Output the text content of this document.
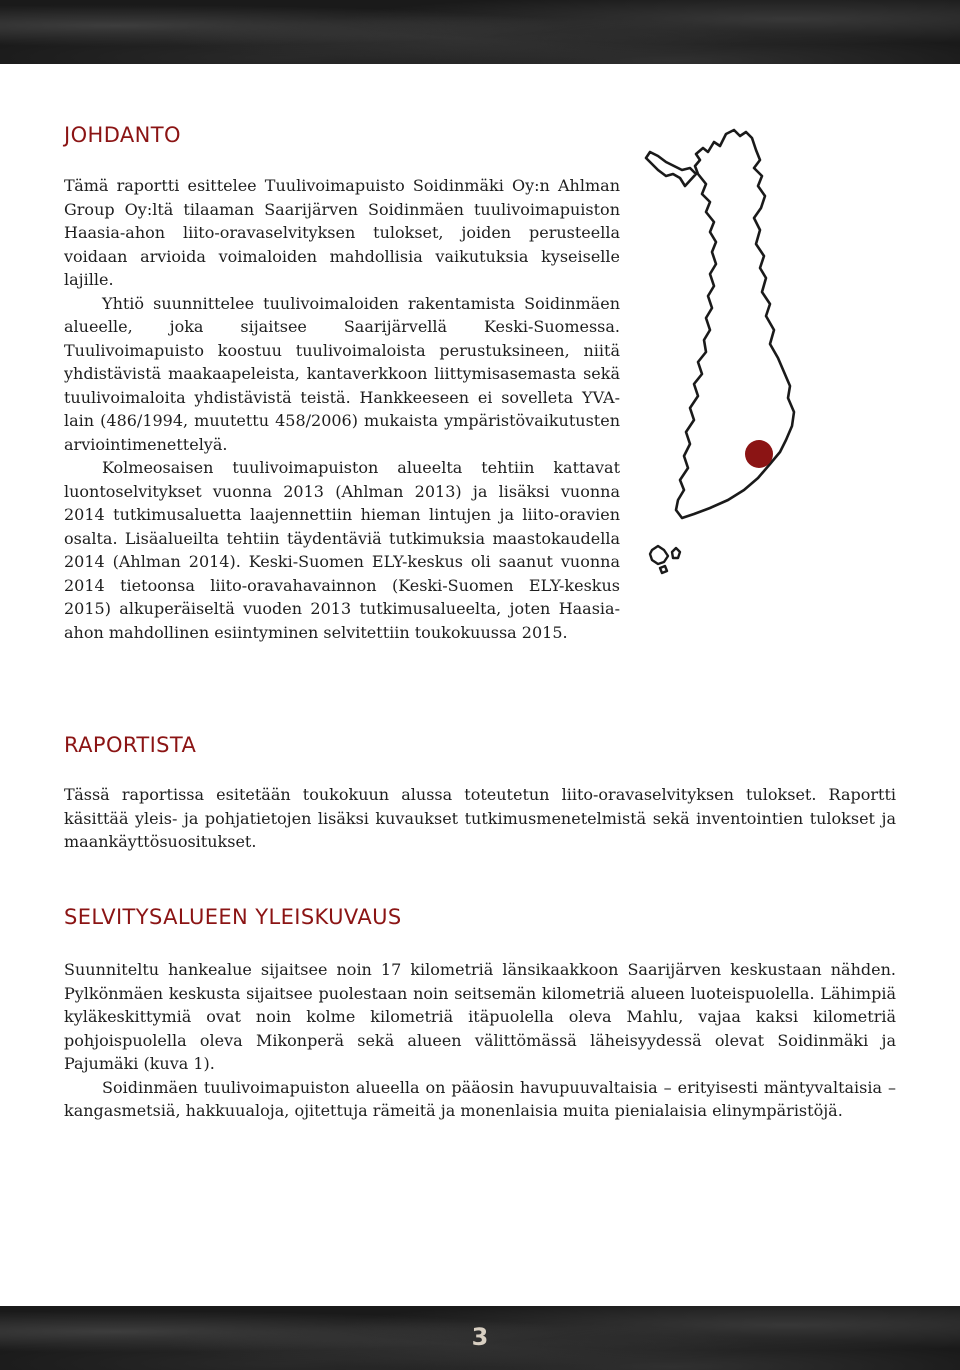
JOHDANTO

Tämä raportti esittelee Tuulivoimapuisto Soidinmäki Oy:n Ahlman Group Oy:ltä tilaaman Saarijärven Soidinmäen tuulivoimapuiston Haasia-ahon liito-oravaselvityksen tulokset, joiden perusteella voidaan arvioida voimaloiden mahdollisia vaikutuksia kyseiselle lajille.

Yhtiö suunnittelee tuulivoimaloiden rakentamista Soidinmäen alueelle, joka sijaitsee Saarijärvellä Keski-Suomessa. Tuulivoimapuisto koostuu tuulivoimaloista perustuksineen, niitä yhdistävistä maakaapeleista, kantaverkkoon liittymisasemasta sekä tuulivoimaloita yhdistävistä teistä. Hankkeeseen ei sovelleta YVA-lain (486/1994, muutettu 458/2006) mukaista ympäristövaikutusten arviointimenettelyä.

Kolmeosaisen tuulivoimapuiston alueelta tehtiin kattavat luontoselvitykset vuonna 2013 (Ahlman 2013) ja lisäksi vuonna 2014 tutkimusaluetta laajennettiin hieman lintujen ja liito-oravien osalta. Lisäalueilta tehtiin täydentäviä tutkimuksia maastokaudella 2014 (Ahlman 2014). Keski-Suomen ELY-keskus oli saanut vuonna 2014 tietoonsa liito-oravahavainnon (Keski-Suomen ELY-keskus 2015) alkuperäiseltä vuoden 2013 tutkimusalueelta, joten Haasia-ahon mahdollinen esiintyminen selvitettiin toukokuussa 2015.

RAPORTISTA

Tässä raportissa esitetään toukokuun alussa toteutetun liito-oravaselvityksen tulokset. Raportti käsittää yleis- ja pohjatietojen lisäksi kuvaukset tutkimusmenetelmistä sekä inventointien tulokset ja maankäyttösuositukset.

SELVITYSALUEEN YLEISKUVAUS

Suunniteltu hankealue sijaitsee noin 17 kilometriä länsikaakkoon Saarijärven keskustaan nähden. Pylkönmäen keskusta sijaitsee puolestaan noin seitsemän kilometriä alueen luoteispuolella. Lähimpiä kyläkeskittymiä ovat noin kolme kilometriä itäpuolella oleva Mahlu, vajaa kaksi kilometriä pohjoispuolella oleva Mikonperä sekä alueen välittömässä läheisyydessä olevat Soidinmäki ja Pajumäki (kuva 1).

Soidinmäen tuulivoimapuiston alueella on pääosin havupuuvaltaisia – erityisesti mäntyvaltaisia – kangasmetsiä, hakkuualoja, ojitettuja rämeitä ja monenlaisia muita pienialaisia elinympäristöjä.

3
